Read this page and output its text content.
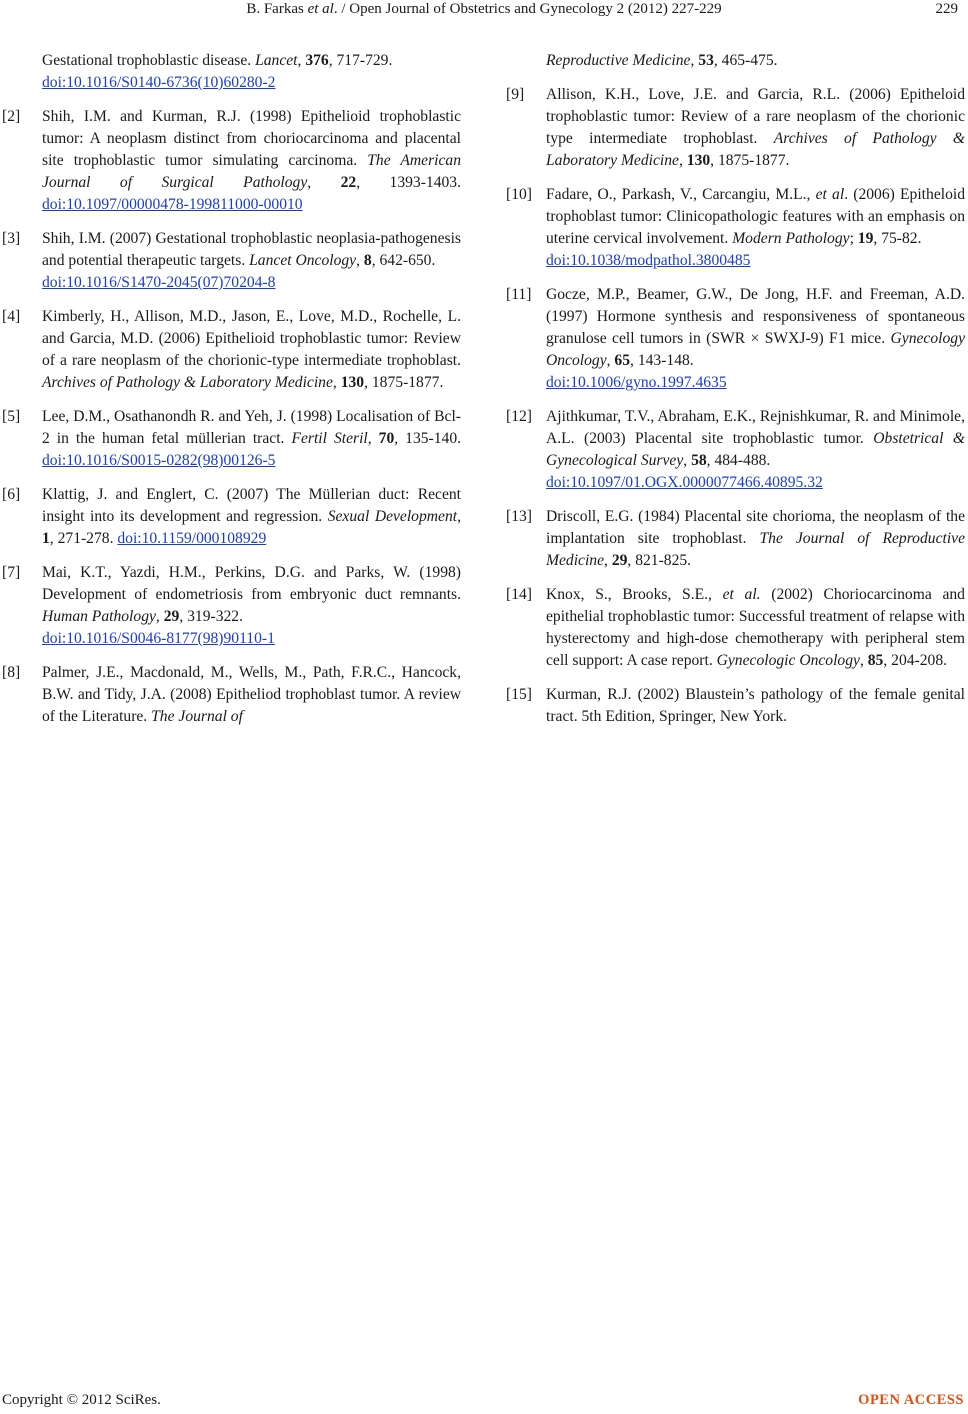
B. Farkas et al. / Open Journal of Obstetrics and Gynecology 2 (2012) 227-229	229
Gestational trophoblastic disease. Lancet, 376, 717-729.
doi:10.1016/S0140-6736(10)60280-2
[2]	Shih, I.M. and Kurman, R.J. (1998) Epithelioid trophoblastic tumor: A neoplasm distinct from choriocarcinoma and placental site trophoblastic tumor simulating carcinoma. The American Journal of Surgical Pathology, 22, 1393-1403. doi:10.1097/00000478-199811000-00010
[3]	Shih, I.M. (2007) Gestational trophoblastic neoplasia-pathogenesis and potential therapeutic targets. Lancet Oncology, 8, 642-650.
doi:10.1016/S1470-2045(07)70204-8
[4]	Kimberly, H., Allison, M.D., Jason, E., Love, M.D., Rochelle, L. and Garcia, M.D. (2006) Epithelioid trophoblastic tumor: Review of a rare neoplasm of the chorionic-type intermediate trophoblast. Archives of Pathology & Laboratory Medicine, 130, 1875-1877.
[5]	Lee, D.M., Osathanondh R. and Yeh, J. (1998) Localisation of Bcl-2 in the human fetal müllerian tract. Fertil Steril, 70, 135-140. doi:10.1016/S0015-0282(98)00126-5
[6]	Klattig, J. and Englert, C. (2007) The Müllerian duct: Recent insight into its development and regression. Sexual Development, 1, 271-278. doi:10.1159/000108929
[7]	Mai, K.T., Yazdi, H.M., Perkins, D.G. and Parks, W. (1998) Development of endometriosis from embryonic duct remnants. Human Pathology, 29, 319-322.
doi:10.1016/S0046-8177(98)90110-1
[8]	Palmer, J.E., Macdonald, M., Wells, M., Path, F.R.C., Hancock, B.W. and Tidy, J.A. (2008) Epitheliod trophoblast tumor. A review of the Literature. The Journal of
Reproductive Medicine, 53, 465-475.
[9]	Allison, K.H., Love, J.E. and Garcia, R.L. (2006) Epitheloid trophoblastic tumor: Review of a rare neoplasm of the chorionic type intermediate trophoblast. Archives of Pathology & Laboratory Medicine, 130, 1875-1877.
[10] Fadare, O., Parkash, V., Carcangiu, M.L., et al. (2006) Epitheloid trophoblast tumor: Clinicopathologic features with an emphasis on uterine cervical involvement. Modern Pathology; 19, 75-82.
doi:10.1038/modpathol.3800485
[11] Gocze, M.P., Beamer, G.W., De Jong, H.F. and Freeman, A.D. (1997) Hormone synthesis and responsiveness of spontaneous granulose cell tumors in (SWR × SWXJ-9) F1 mice. Gynecology Oncology, 65, 143-148.
doi:10.1006/gyno.1997.4635
[12] Ajithkumar, T.V., Abraham, E.K., Rejnishkumar, R. and Minimole, A.L. (2003) Placental site trophoblastic tumor. Obstetrical & Gynecological Survey, 58, 484-488.
doi:10.1097/01.OGX.0000077466.40895.32
[13] Driscoll, E.G. (1984) Placental site chorioma, the neoplasm of the implantation site trophoblast. The Journal of Reproductive Medicine, 29, 821-825.
[14] Knox, S., Brooks, S.E., et al. (2002) Choriocarcinoma and epithelial trophoblastic tumor: Successful treatment of relapse with hysterectomy and high-dose chemotherapy with peripheral stem cell support: A case report. Gynecologic Oncology, 85, 204-208.
[15] Kurman, R.J. (2002) Blaustein’s pathology of the female genital tract. 5th Edition, Springer, New York.
Copyright © 2012 SciRes.	OPEN ACCESS
